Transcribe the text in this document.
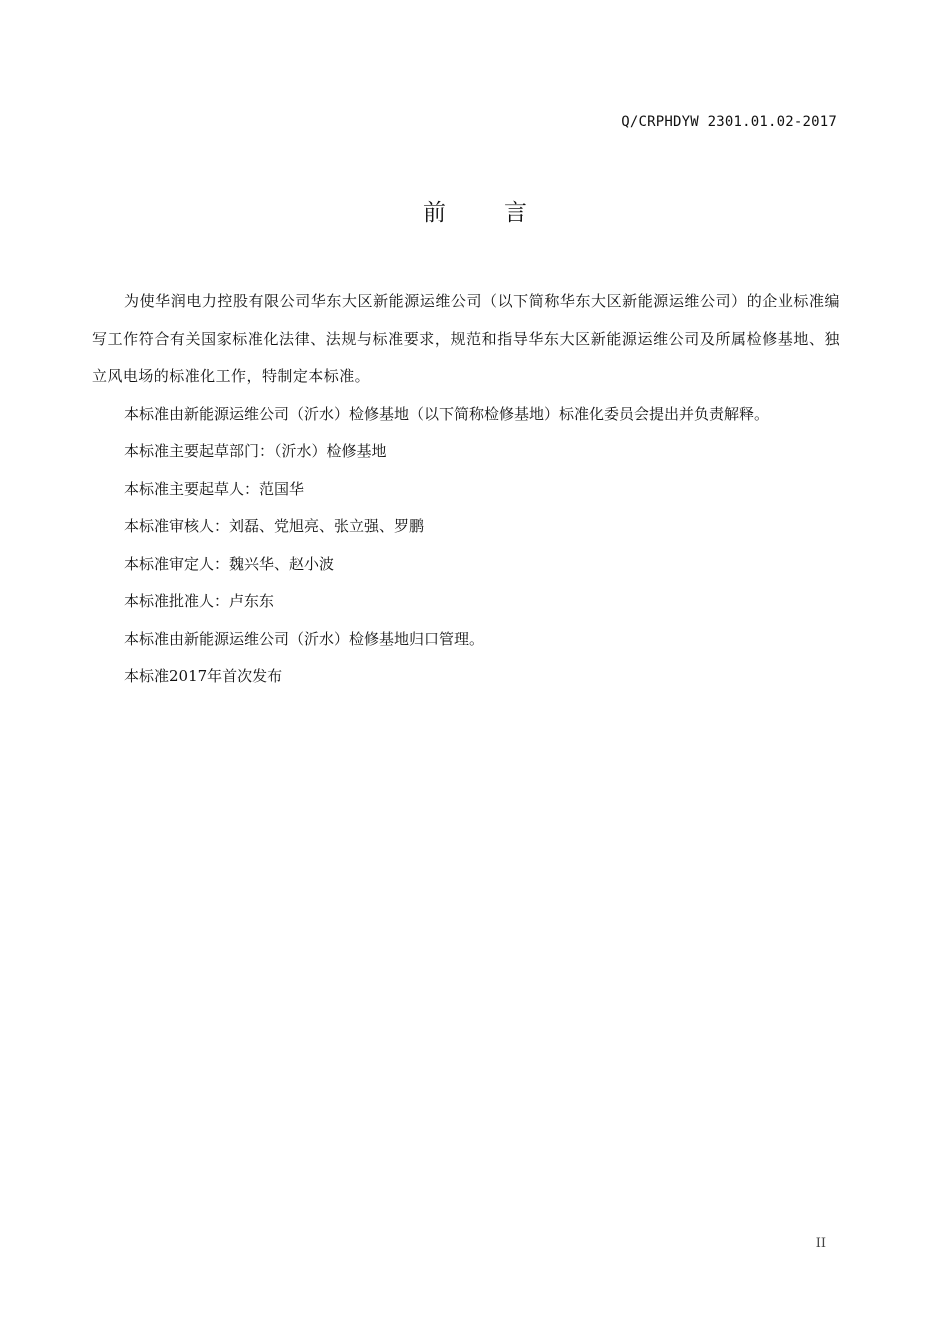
Q/CRPHDYW 2301.01.02-2017
前	言

为使华润电力控股有限公司华东大区新能源运维公司（以下简称华东大区新能源运维公司）的企业标准编写工作符合有关国家标准化法律、法规与标准要求，规范和指导华东大区新能源运维公司及所属检修基地、独立风电场的标准化工作，特制定本标准。

本标准由新能源运维公司（沂水）检修基地（以下简称检修基地）标准化委员会提出并负责解释。

本标准主要起草部门：（沂水）检修基地

本标准主要起草人：范国华

本标准审核人：刘磊、党旭亮、张立强、罗鹏

本标准审定人：魏兴华、赵小波

本标准批准人：卢东东

本标准由新能源运维公司（沂水）检修基地归口管理。

本标准2017年首次发布

II
